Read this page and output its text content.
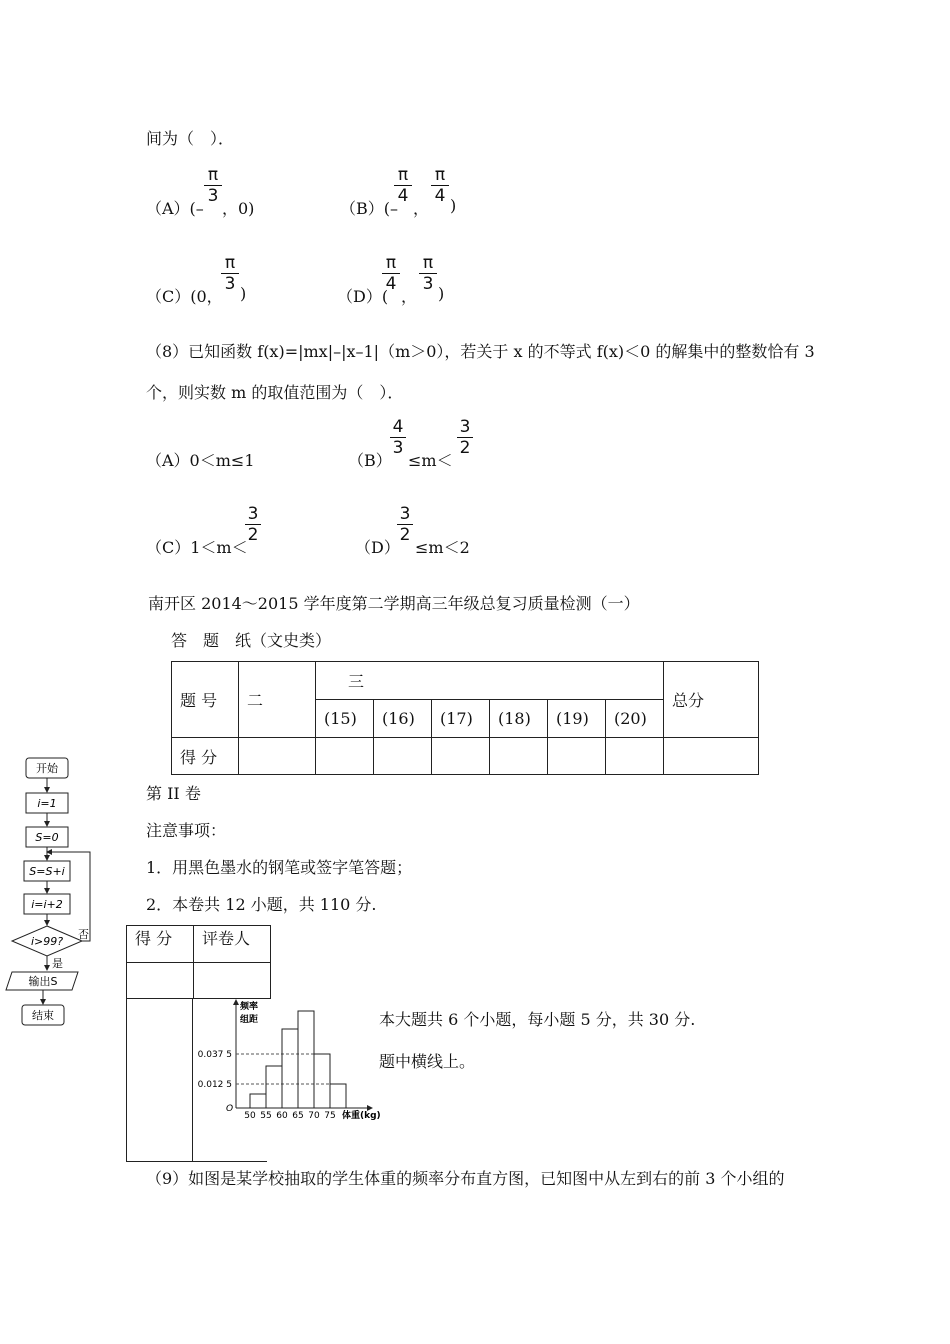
间为（　）．
（A）(–
π
3
，0)	（B）(–
π
4
，
π
4 )
（C）(0，
π
3 )	（D）(
π
4
，
π
3 )
（8）已知函数 f(x)=|mx|–|x–1|（m＞0），若关于 x 的不等式 f(x)＜0 的解集中的整数恰有 3
个，则实数 m 的取值范围为（　）．
（A）0＜m≤1	（B）
4
3
≤m＜
3
2
（C）1＜m＜
3
2
（D）
3
2
≤m＜2
南开区 2014～2015 学年度第二学期高三年级总复习质量检测（一）
答　题　纸（文史类）
题 号	二	三						总分
		(15)	(16)	(17)	(18)	(19)	(20)	
得 分								
第 II 卷
注意事项：
1．用黑色墨水的钢笔或签字笔答题；
2．本卷共 12 小题，共 110 分.
开始
i=1
S=0
S=S+i
i=i+2
i>99?
否
是
输出S
结束
得 分	评卷人

频率
组距
0.037 5
0.012 5
O
50 55 60 65 70 75 体重(kg)
本大题共 6 个小题，每小题 5 分，共 30 分.
题中横线上。
（9）如图是某学校抽取的学生体重的频率分布直方图，已知图中从左到右的前 3 个小组的
